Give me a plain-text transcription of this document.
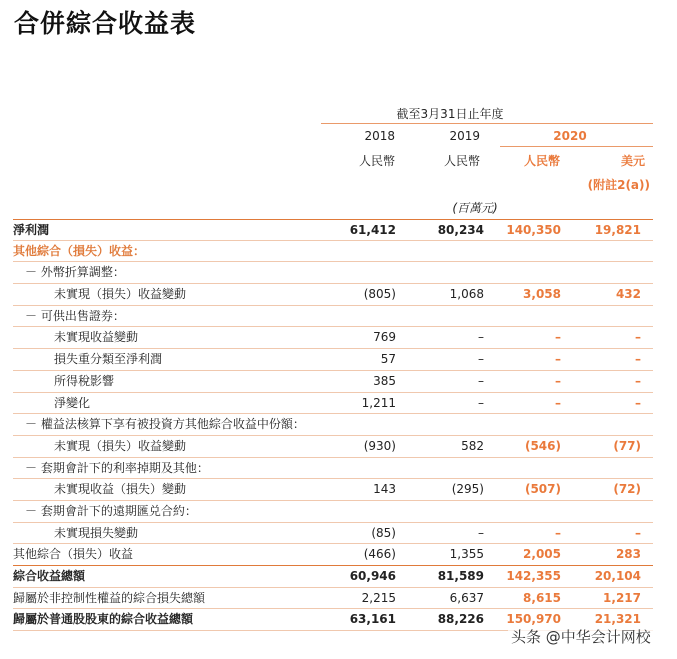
合併綜合收益表
截至3月31日止年度
2018	2019	2020
人民幣	人民幣	人民幣	美元
(附註2(a))
(百萬元)
淨利潤	61,412	80,234	140,350	19,821
其他綜合（損失）收益：
－ 外幣折算調整：
未實現（損失）收益變動	(805)	1,068	3,058	432
－ 可供出售證券：
未實現收益變動	769	–	–	–
損失重分類至淨利潤	57	–	–	–
所得稅影響	385	–	–	–
淨變化	1,211	–	–	–
－ 權益法核算下享有被投資方其他綜合收益中份額：
未實現（損失）收益變動	(930)	582	(546)	(77)
－ 套期會計下的利率掉期及其他：
未實現收益（損失）變動	143	(295)	(507)	(72)
－ 套期會計下的遠期匯兑合約：
未實現損失變動	(85)	–	–	–
其他綜合（損失）收益	(466)	1,355	2,005	283
綜合收益總額	60,946	81,589	142,355	20,104
歸屬於非控制性權益的綜合損失總額	2,215	6,637	8,615	1,217
歸屬於普通股股東的綜合收益總額	63,161	88,226	150,970	21,321
头条 @中华会计网校
